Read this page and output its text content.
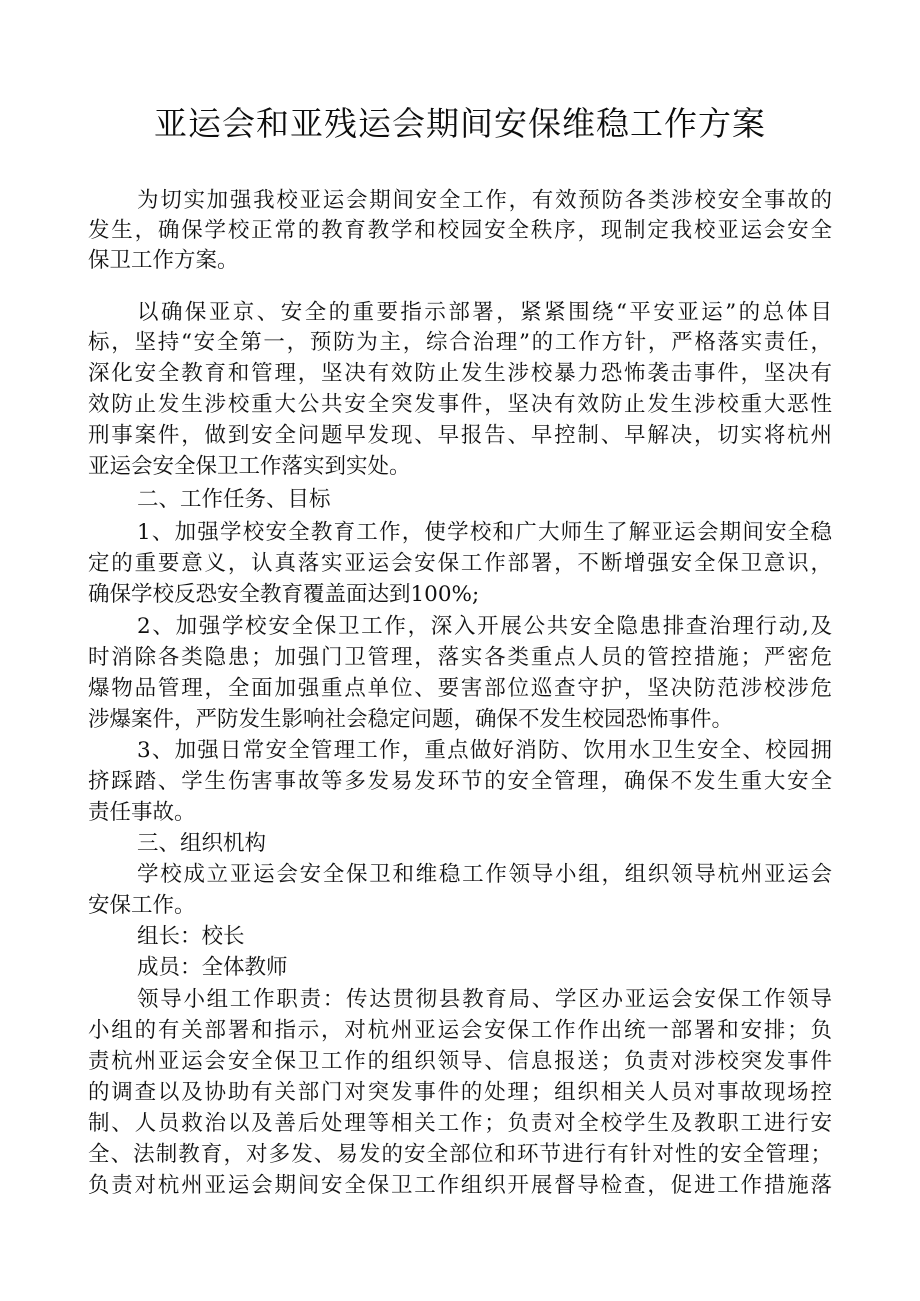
亚运会和亚残运会期间安保维稳工作方案
为切实加强我校亚运会期间安全工作，有效预防各类涉校安全事故的
发生，确保学校正常的教育教学和校园安全秩序，现制定我校亚运会安全
保卫工作方案。
以确保亚京、安全的重要指示部署，紧紧围绕“平安亚运”的总体目
标，坚持“安全第一，预防为主，综合治理”的工作方针，严格落实责任，
深化安全教育和管理，坚决有效防止发生涉校暴力恐怖袭击事件，坚决有
效防止发生涉校重大公共安全突发事件，坚决有效防止发生涉校重大恶性
刑事案件，做到安全问题早发现、早报告、早控制、早解决，切实将杭州
亚运会安全保卫工作落实到实处。
二、工作任务、目标
1、加强学校安全教育工作，使学校和广大师生了解亚运会期间安全稳
定的重要意义，认真落实亚运会安保工作部署，不断增强安全保卫意识，
确保学校反恐安全教育覆盖面达到100%;
2、加强学校安全保卫工作，深入开展公共安全隐患排查治理行动,及
时消除各类隐患；加强门卫管理，落实各类重点人员的管控措施；严密危
爆物品管理，全面加强重点单位、要害部位巡查守护，坚决防范涉校涉危
涉爆案件，严防发生影响社会稳定问题，确保不发生校园恐怖事件。
3、加强日常安全管理工作，重点做好消防、饮用水卫生安全、校园拥
挤踩踏、学生伤害事故等多发易发环节的安全管理，确保不发生重大安全
责任事故。
三、组织机构
学校成立亚运会安全保卫和维稳工作领导小组，组织领导杭州亚运会
安保工作。
组长：校长
成员：全体教师
领导小组工作职责：传达贯彻县教育局、学区办亚运会安保工作领导
小组的有关部署和指示，对杭州亚运会安保工作作出统一部署和安排；负
责杭州亚运会安全保卫工作的组织领导、信息报送；负责对涉校突发事件
的调查以及协助有关部门对突发事件的处理；组织相关人员对事故现场控
制、人员救治以及善后处理等相关工作；负责对全校学生及教职工进行安
全、法制教育，对多发、易发的安全部位和环节进行有针对性的安全管理；
负责对杭州亚运会期间安全保卫工作组织开展督导检查，促进工作措施落
